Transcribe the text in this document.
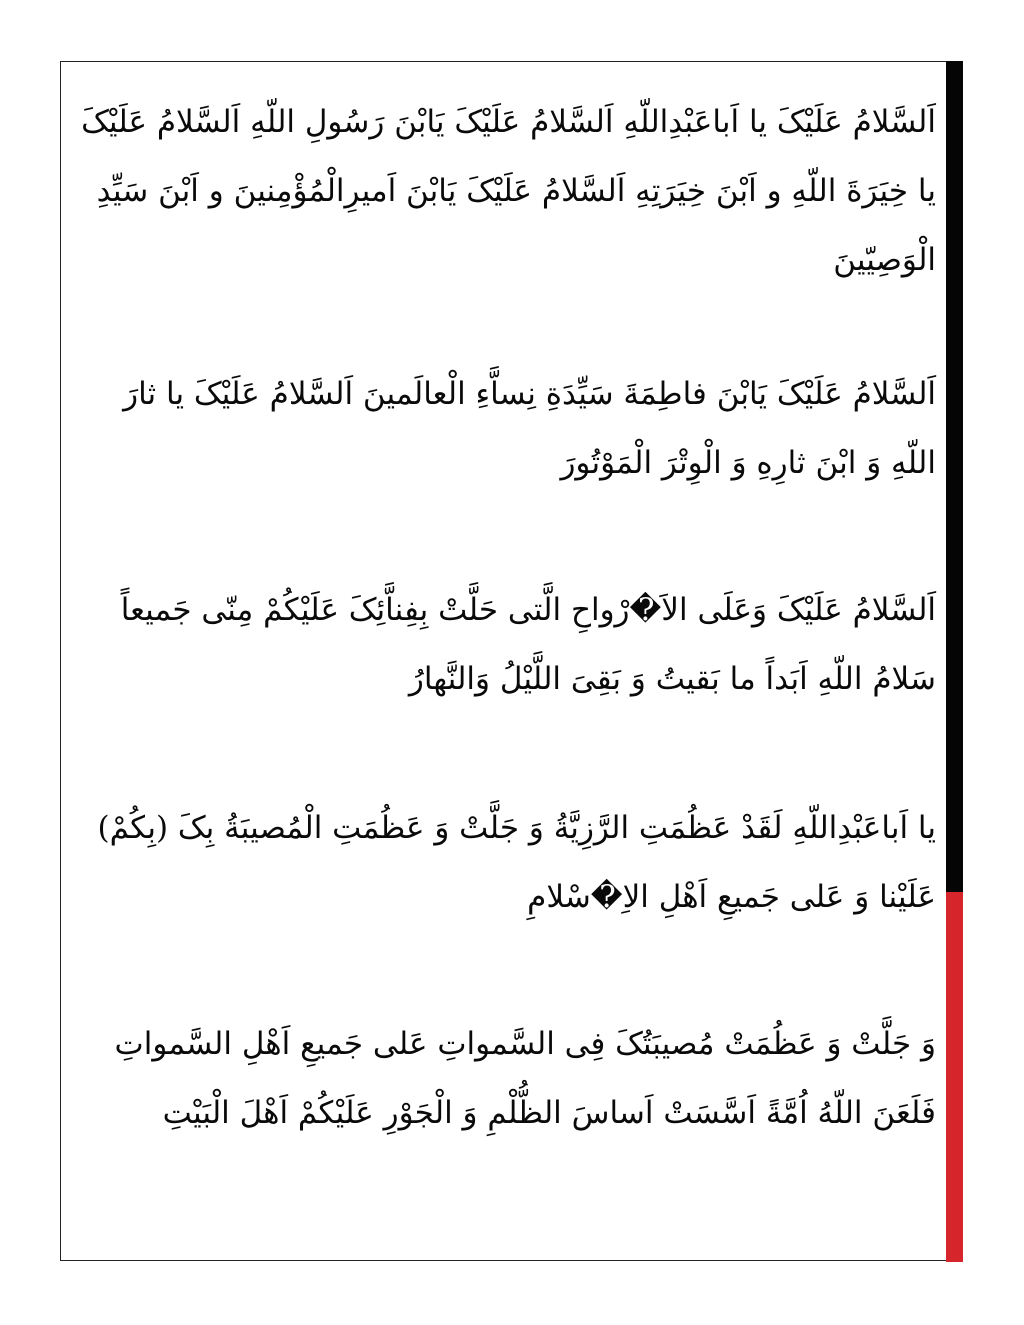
اَلسَّلامُ عَلَیْکَ یا اَباعَبْدِاللّهِ اَلسَّلامُ عَلَیْکَ یَابْنَ رَسُولِ اللّهِ اَلسَّلامُ عَلَیْکَ یا خِیَرَةَ اللّهِ و اَبْنَ خِیَرَتِهِ اَلسَّلامُ عَلَیْکَ یَابْنَ اَمیرِالْمُؤْمِنینَ و اَبْنَ سَیِّدِ الْوَصِیّینَ

اَلسَّلامُ عَلَیْکَ یَابْنَ فاطِمَةَ سَیِّدَةِ نِساَّءِ الْعالَمینَ اَلسَّلامُ عَلَیْکَ یا ثارَ اللّهِ وَ ابْنَ ثارِهِ وَ الْوِتْرَ الْمَوْتُورَ

اَلسَّلامُ عَلَیْکَ وَعَلَی الاَ�رْواحِ الَّتی حَلَّتْ بِفِناَّئِکَ عَلَیْکُمْ مِنّی جَمیعاً سَلامُ اللّهِ اَبَداً ما بَقیتُ وَ بَقِیَ اللَّیْلُ وَالنَّهارُ

یا اَباعَبْدِاللّهِ لَقَدْ عَظُمَتِ الرَّزِیَّةُ وَ جَلَّتْ وَ عَظُمَتِ الْمُصیبَةُ بِکَ (بِکُمْ) عَلَیْنا وَ عَلی جَمیعِ اَهْلِ الاِ�سْلامِ

وَ جَلَّتْ وَ عَظُمَتْ مُصیبَتُکَ فِی السَّمواتِ عَلی جَمیعِ اَهْلِ السَّمواتِ فَلَعَنَ اللّهُ اُمَّةً اَسَّسَتْ اَساسَ الظُّلْمِ وَ الْجَوْرِ عَلَیْکُمْ اَهْلَ الْبَیْتِ
